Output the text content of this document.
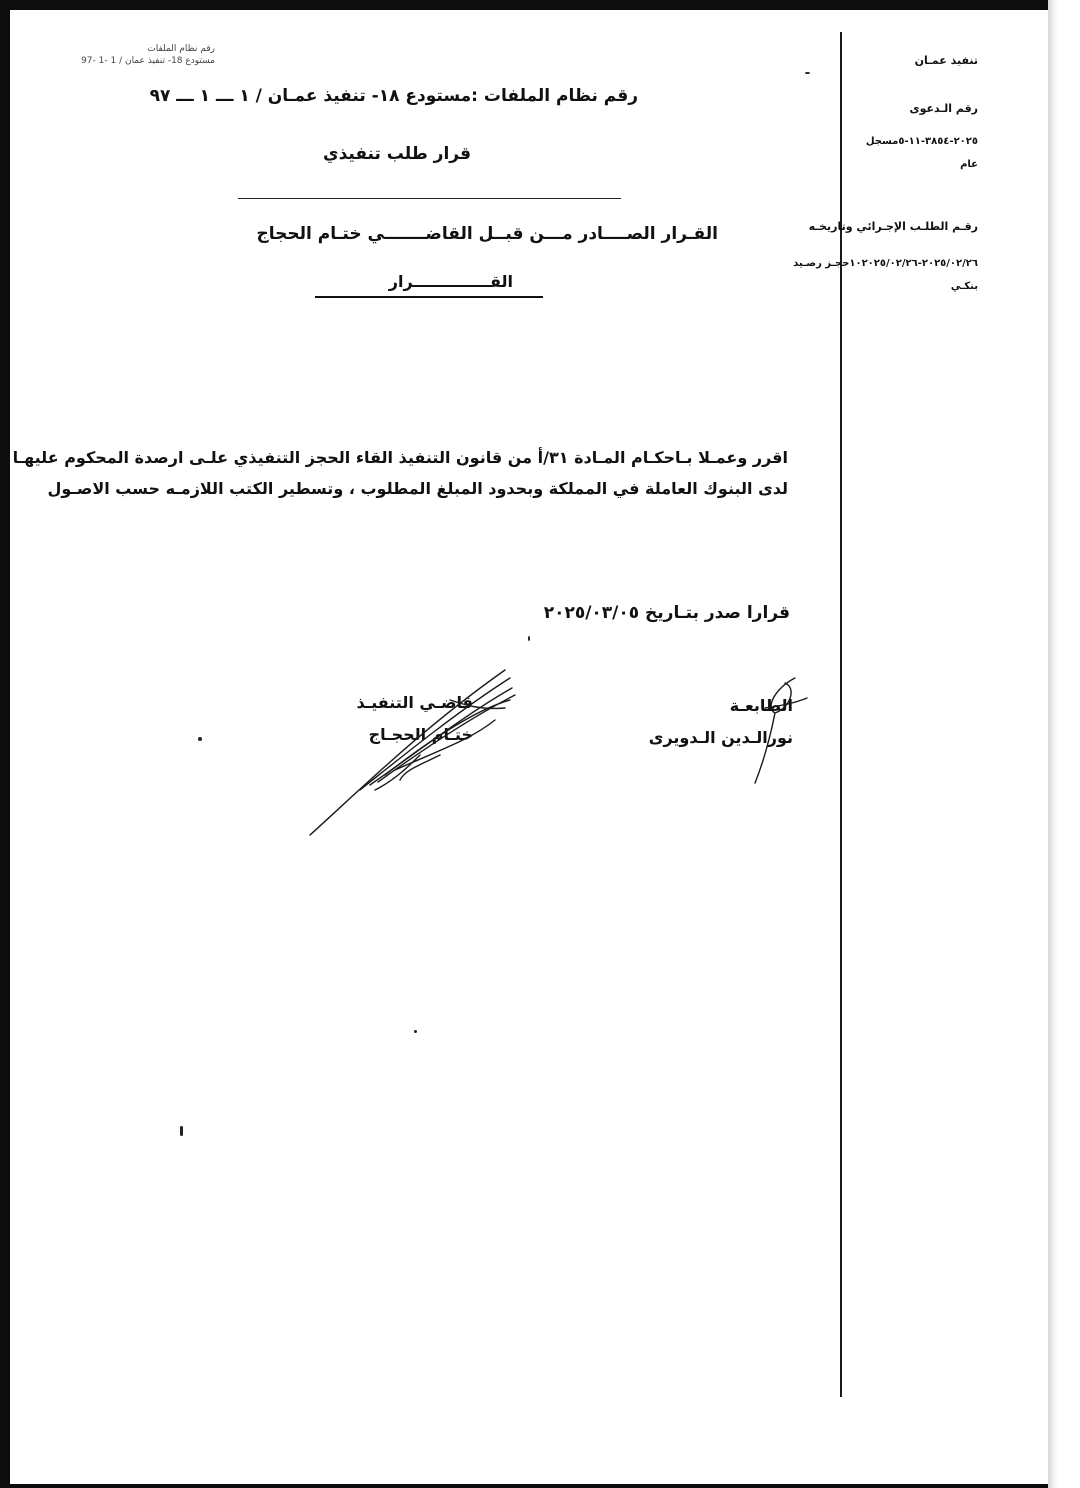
رقم نظام الملفات
مستودع 18- تنفيذ عمان / 1 -1 -97
رقم نظام الملفات :مستودع ١٨- تنفيذ عمـان / ١ ـــ ١ ـــ ٩٧
قرار طلب تنفيذي
القـرار الصــــادر مـــن قبــل القاضـــــــي ختـام الحجاج
القــــــــــــــرار
اقرر وعمـلا بـاحكـام المـادة ٣١/أ من قانون التنفيذ القاء الحجز التنفيذي علـى ارصدة المحكوم عليهـا
لدى البنوك العاملة في المملكة وبحدود المبلغ المطلوب ، وتسطير الكتب اللازمـه حسب الاصـول
قرارا صدر بتـاريخ ٢٠٢٥/٠٣/٠٥
الطابعـة
نورالـدين الـدويرى
قاضـي التنفيـذ
ختـام الحجـاج
تنفيذ عمـان
رقم الـدعوى
٢٠٢٥-٣٨٥٤-١١-٥مسجل
عام
رقـم الطلـب الإجـرائي وتاريخـه
٢٠٢٥/٠٢/٢٦-١٠٢٠٢٥/٠٢/٢٦حجـز رصـيد
بنكـي
